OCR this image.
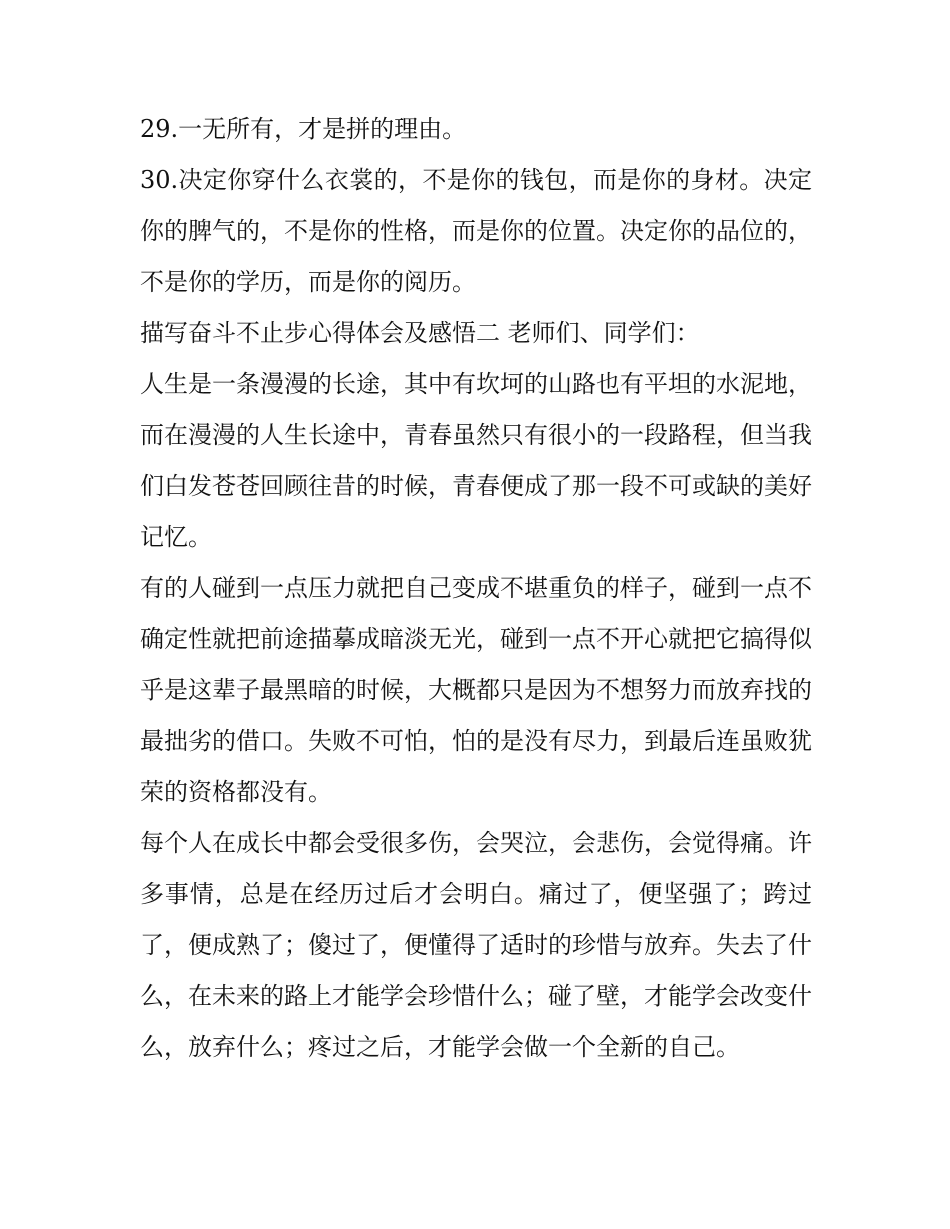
29.一无所有，才是拼的理由。

30.决定你穿什么衣裳的，不是你的钱包，而是你的身材。决定你的脾气的，不是你的性格，而是你的位置。决定你的品位的，不是你的学历，而是你的阅历。

描写奋斗不止步心得体会及感悟二 老师们、同学们：

人生是一条漫漫的长途，其中有坎坷的山路也有平坦的水泥地，而在漫漫的人生长途中，青春虽然只有很小的一段路程，但当我们白发苍苍回顾往昔的时候，青春便成了那一段不可或缺的美好记忆。

有的人碰到一点压力就把自己变成不堪重负的样子，碰到一点不确定性就把前途描摹成暗淡无光，碰到一点不开心就把它搞得似乎是这辈子最黑暗的时候，大概都只是因为不想努力而放弃找的最拙劣的借口。失败不可怕，怕的是没有尽力，到最后连虽败犹荣的资格都没有。

每个人在成长中都会受很多伤，会哭泣，会悲伤，会觉得痛。许多事情，总是在经历过后才会明白。痛过了，便坚强了；跨过了，便成熟了；傻过了，便懂得了适时的珍惜与放弃。失去了什么，在未来的路上才能学会珍惜什么；碰了壁，才能学会改变什么，放弃什么；疼过之后，才能学会做一个全新的自己。
